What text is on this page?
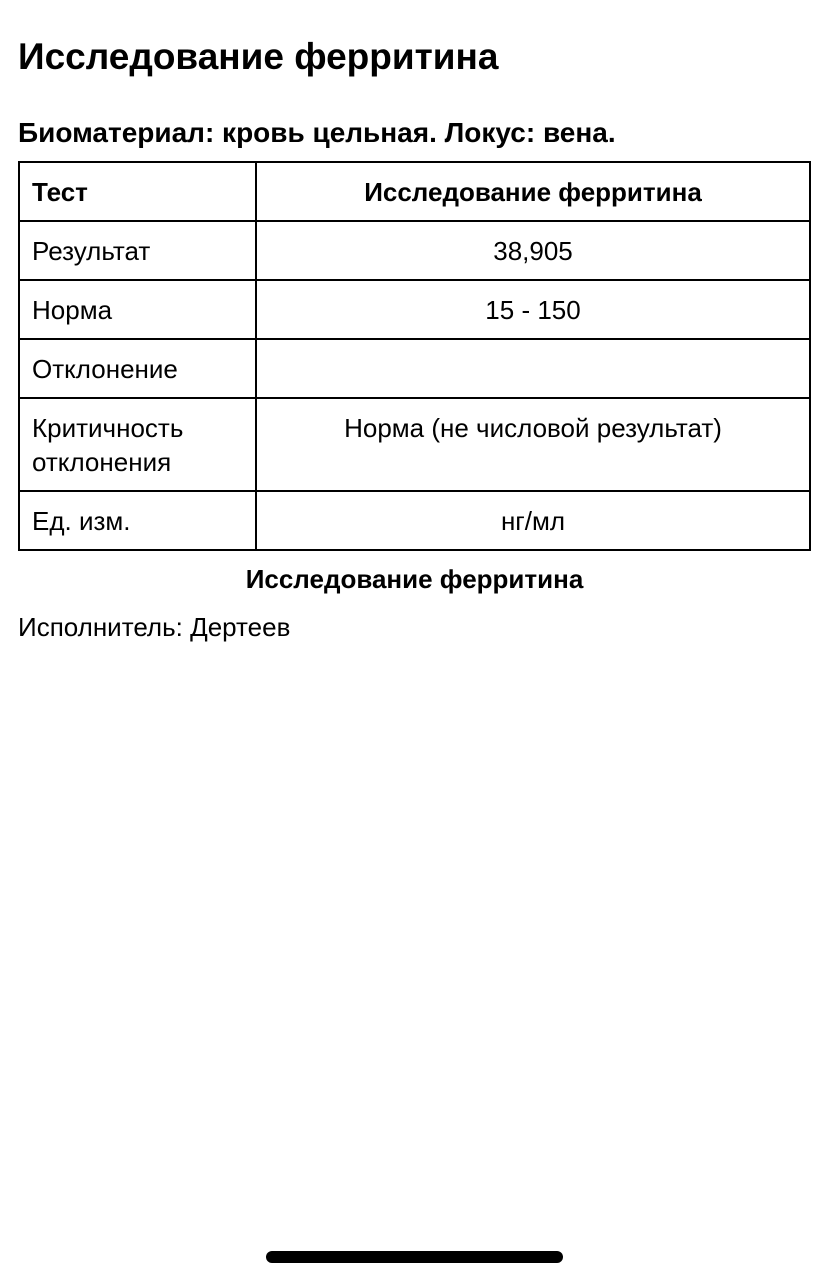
Исследование ферритина
Биоматериал: кровь цельная. Локус: вена.
Тест	Исследование ферритина
Результат	38,905
Норма	15 - 150
Отклонение	
Критичность отклонения	Норма (не числовой результат)
Ед. изм.	нг/мл
Исследование ферритина
Исполнитель: Дертеев
